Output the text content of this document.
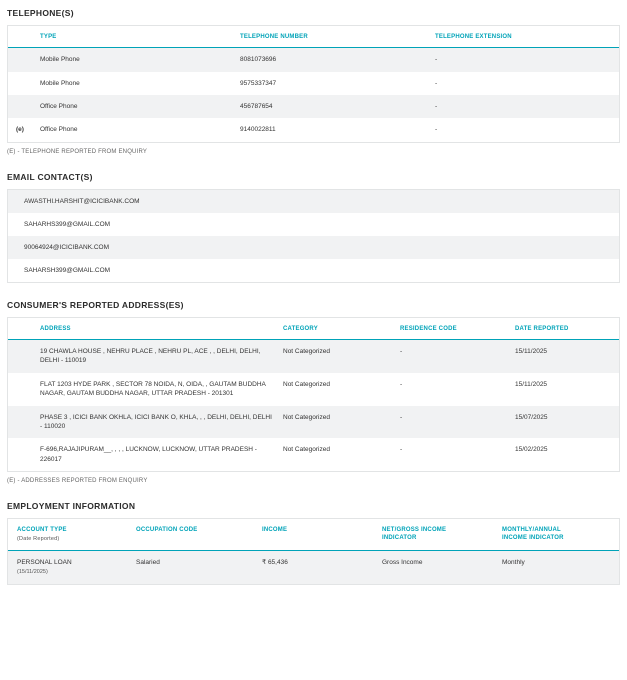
TELEPHONE(S)
	TYPE	TELEPHONE NUMBER	TELEPHONE EXTENSION
	Mobile Phone	8081073696	-
	Mobile Phone	9575337347	-
	Office Phone	456787654	-
(e)	Office Phone	9140022811	-
(E) - TELEPHONE REPORTED FROM ENQUIRY
EMAIL CONTACT(S)
AWASTHI.HARSHIT@ICICIBANK.COM
SAHARHS399@GMAIL.COM
90064924@ICICIBANK.COM
SAHARSH399@GMAIL.COM
CONSUMER'S REPORTED ADDRESS(ES)
	ADDRESS	CATEGORY	RESIDENCE CODE	DATE REPORTED
	19 CHAWLA HOUSE , NEHRU PLACE , NEHRU PL, ACE , , DELHI, DELHI, DELHI - 110019	Not Categorized	-	15/11/2025
	FLAT 1203 HYDE PARK , SECTOR 78 NOIDA, N, OIDA, , GAUTAM BUDDHA NAGAR, GAUTAM BUDDHA NAGAR, UTTAR PRADESH - 201301	Not Categorized	-	15/11/2025
	PHASE 3 , ICICI BANK OKHLA, ICICI BANK O, KHLA, , , DELHI, DELHI, DELHI - 110020	Not Categorized	-	15/07/2025
	F-696,RAJAJIPURAM__, , , , LUCKNOW, LUCKNOW, UTTAR PRADESH - 226017	Not Categorized	-	15/02/2025
(E) - ADDRESSES REPORTED FROM ENQUIRY
EMPLOYMENT INFORMATION
ACCOUNT TYPE
(Date Reported)	OCCUPATION CODE	INCOME	NET/GROSS INCOME INDICATOR	MONTHLY/ANNUAL INCOME INDICATOR

PERSONAL LOAN
(15/11/2025)	Salaried	₹ 65,436	Gross Income	Monthly
